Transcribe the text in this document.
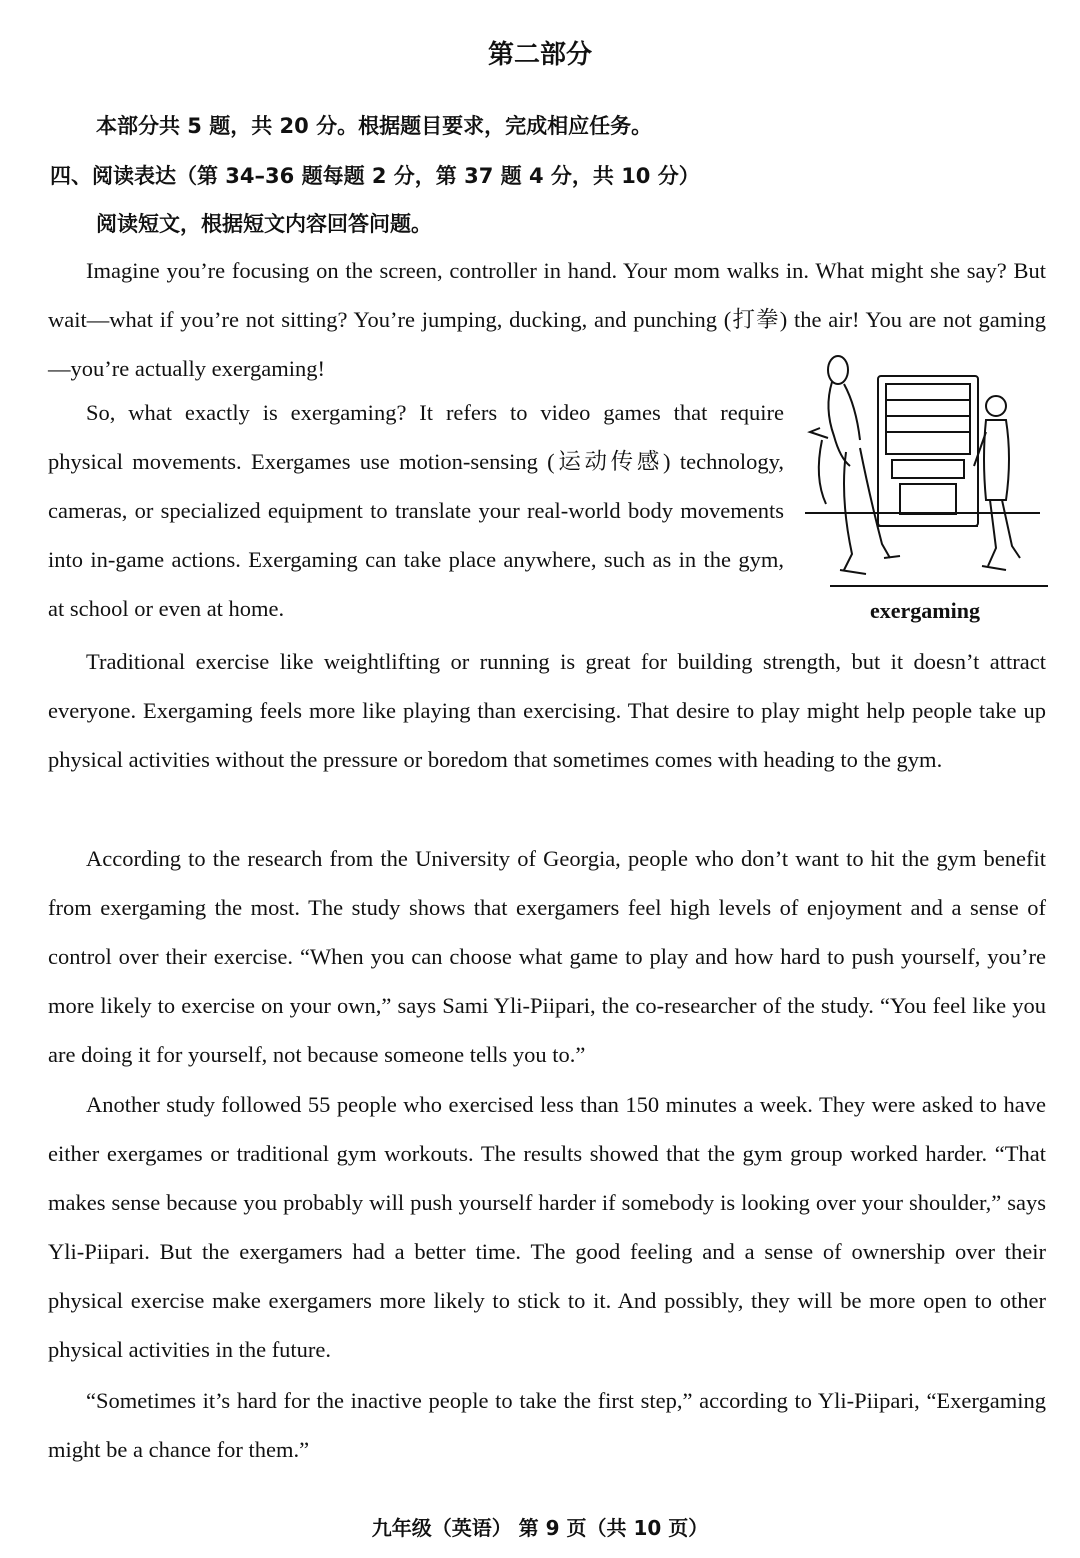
第二部分
本部分共 5 题，共 20 分。根据题目要求，完成相应任务。
四、阅读表达（第 34–36 题每题 2 分，第 37 题 4 分，共 10 分）
阅读短文，根据短文内容回答问题。

Imagine you’re focusing on the screen, controller in hand. Your mom walks in. What might she say? But wait—what if you’re not sitting? You’re jumping, ducking, and punching (打拳) the air! You are not gaming—you’re actually exergaming!

So, what exactly is exergaming? It refers to video games that require physical movements. Exergames use motion-sensing (运动传感) technology, cameras, or specialized equipment to translate your real-world body movements into in-game actions. Exergaming can take place anywhere, such as in the gym, at school or even at home.	exergaming

Traditional exercise like weightlifting or running is great for building strength, but it doesn’t attract everyone. Exergaming feels more like playing than exercising. That desire to play might help people take up physical activities without the pressure or boredom that sometimes comes with heading to the gym.

According to the research from the University of Georgia, people who don’t want to hit the gym benefit from exergaming the most. The study shows that exergamers feel high levels of enjoyment and a sense of control over their exercise. “When you can choose what game to play and how hard to push yourself, you’re more likely to exercise on your own,” says Sami Yli-Piipari, the co-researcher of the study. “You feel like you are doing it for yourself, not because someone tells you to.”

Another study followed 55 people who exercised less than 150 minutes a week. They were asked to have either exergames or traditional gym workouts. The results showed that the gym group worked harder. “That makes sense because you probably will push yourself harder if somebody is looking over your shoulder,” says Yli-Piipari. But the exergamers had a better time. The good feeling and a sense of ownership over their physical exercise make exergamers more likely to stick to it. And possibly, they will be more open to other physical activities in the future.

“Sometimes it’s hard for the inactive people to take the first step,” according to Yli-Piipari, “Exergaming might be a chance for them.”

九年级（英语） 第 9 页（共 10 页）
